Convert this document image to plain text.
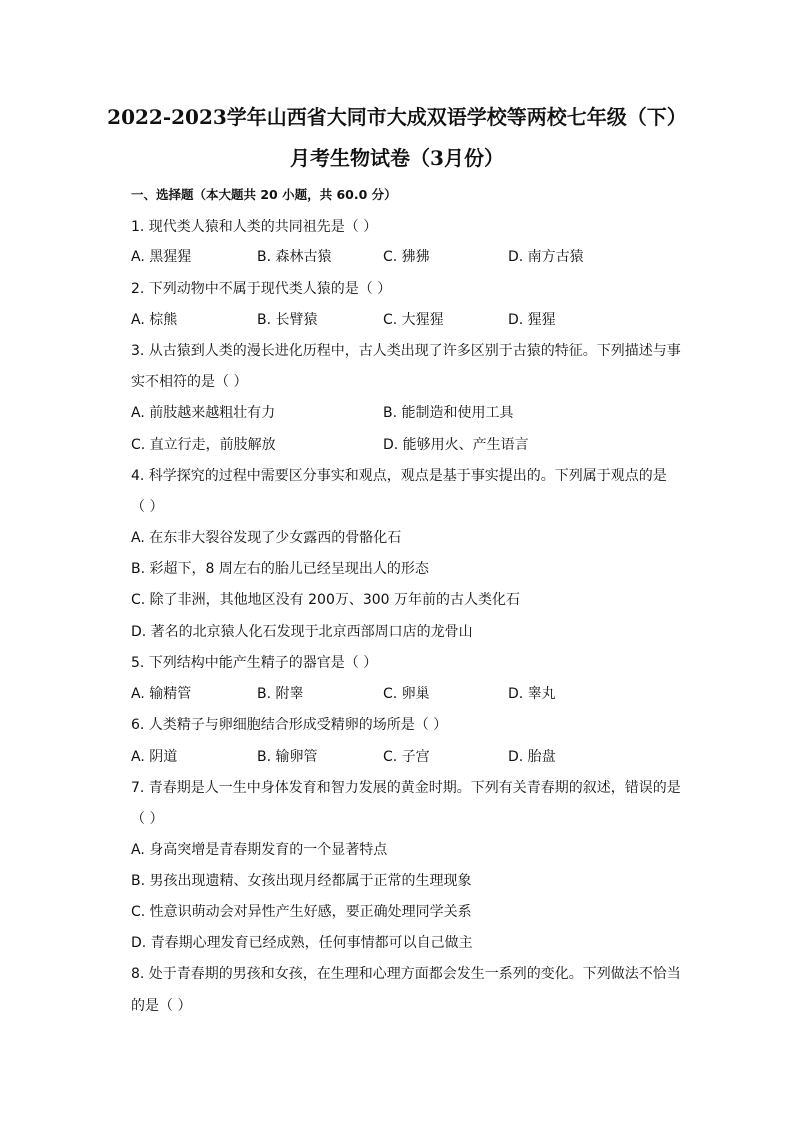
2022-2023学年山西省大同市大成双语学校等两校七年级（下）
月考生物试卷（3月份）
一、选择题（本大题共 20 小题，共 60.0 分）
1. 现代类人猿和人类的共同祖先是（ ）
A. 黑猩猩	B. 森林古猿	C. 狒狒	D. 南方古猿
2. 下列动物中不属于现代类人猿的是（ ）
A. 棕熊	B. 长臂猿	C. 大猩猩	D. 猩猩
3. 从古猿到人类的漫长进化历程中，古人类出现了许多区别于古猿的特征。下列描述与事
实不相符的是（ ）
A. 前肢越来越粗壮有力	B. 能制造和使用工具
C. 直立行走，前肢解放	D. 能够用火、产生语言
4. 科学探究的过程中需要区分事实和观点，观点是基于事实提出的。下列属于观点的是
（ ）
A. 在东非大裂谷发现了少女露西的骨骼化石
B. 彩超下，8 周左右的胎儿已经呈现出人的形态
C. 除了非洲，其他地区没有 200万、300 万年前的古人类化石
D. 著名的北京猿人化石发现于北京西部周口店的龙骨山
5. 下列结构中能产生精子的器官是（ ）
A. 输精管	B. 附睾	C. 卵巢	D. 睾丸
6. 人类精子与卵细胞结合形成受精卵的场所是（ ）
A. 阴道	B. 输卵管	C. 子宫	D. 胎盘
7. 青春期是人一生中身体发育和智力发展的黄金时期。下列有关青春期的叙述，错误的是
（ ）
A. 身高突增是青春期发育的一个显著特点
B. 男孩出现遗精、女孩出现月经都属于正常的生理现象
C. 性意识萌动会对异性产生好感，要正确处理同学关系
D. 青春期心理发育已经成熟，任何事情都可以自己做主
8. 处于青春期的男孩和女孩，在生理和心理方面都会发生一系列的变化。下列做法不恰当
的是（ ）
